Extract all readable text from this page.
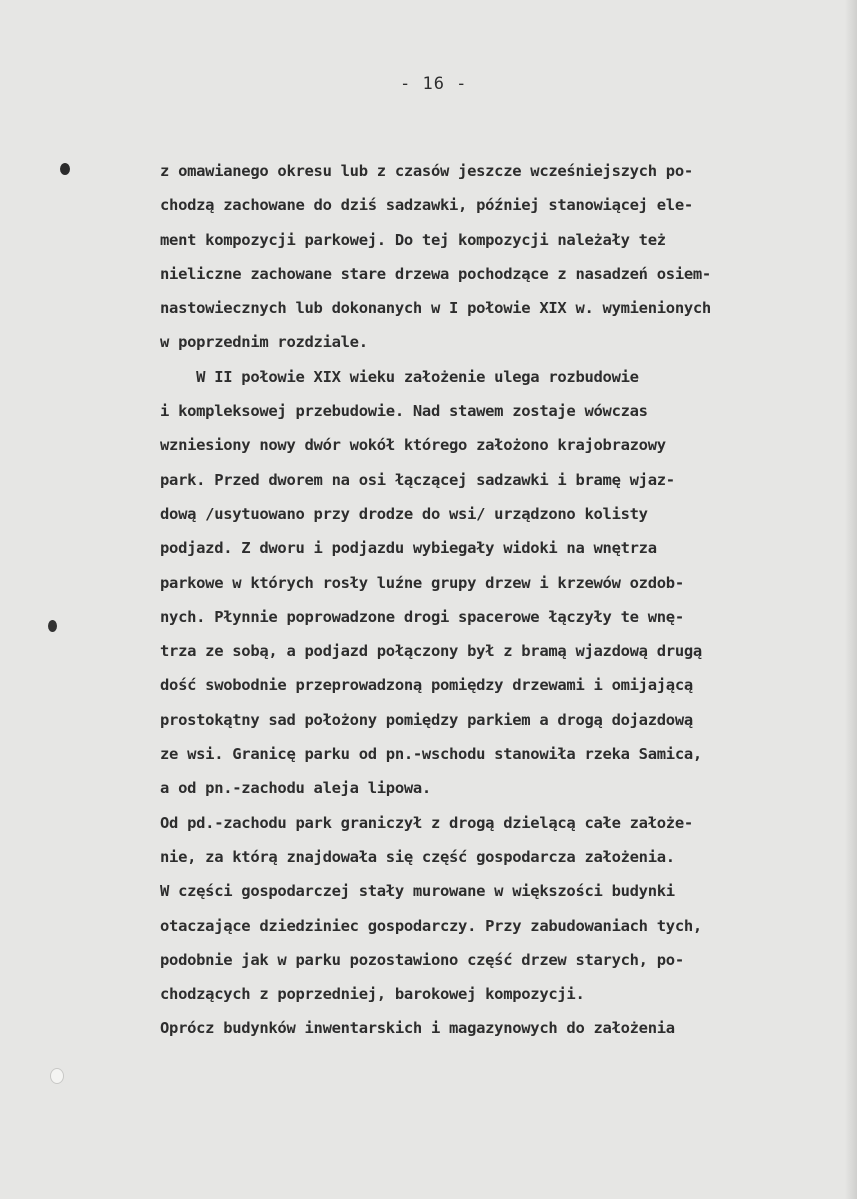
- 16 -
z omawianego okresu lub z czasów jeszcze wcześniejszych po-
chodzą zachowane do dziś sadzawki, później stanowiącej ele-
ment kompozycji parkowej. Do tej kompozycji należały też
nieliczne zachowane stare drzewa pochodzące z nasadzeń osiem-
nastowiecznych lub dokonanych w I połowie XIX w. wymienionych
w poprzednim rozdziale.
W II połowie XIX wieku założenie ulega rozbudowie
i kompleksowej przebudowie. Nad stawem zostaje wówczas
wzniesiony nowy dwór wokół którego założono krajobrazowy
park. Przed dworem na osi łączącej sadzawki i bramę wjaz-
dową /usytuowano przy drodze do wsi/ urządzono kolisty
podjazd. Z dworu i podjazdu wybiegały widoki na wnętrza
parkowe w których rosły luźne grupy drzew i krzewów ozdob-
nych. Płynnie poprowadzone drogi spacerowe łączyły te wnę-
trza ze sobą, a podjazd połączony był z bramą wjazdową drugą
dość swobodnie przeprowadzoną pomiędzy drzewami i omijającą
prostokątny sad położony pomiędzy parkiem a drogą dojazdową
ze wsi. Granicę parku od pn.-wschodu stanowiła rzeka Samica,
a od pn.-zachodu aleja lipowa.
Od pd.-zachodu park graniczył z drogą dzielącą całe założe-
nie, za którą znajdowała się część gospodarcza założenia.
W części gospodarczej stały murowane w większości budynki
otaczające dziedziniec gospodarczy. Przy zabudowaniach tych,
podobnie jak w parku pozostawiono część drzew starych, po-
chodzących z poprzedniej, barokowej kompozycji.
Oprócz budynków inwentarskich i magazynowych do założenia
